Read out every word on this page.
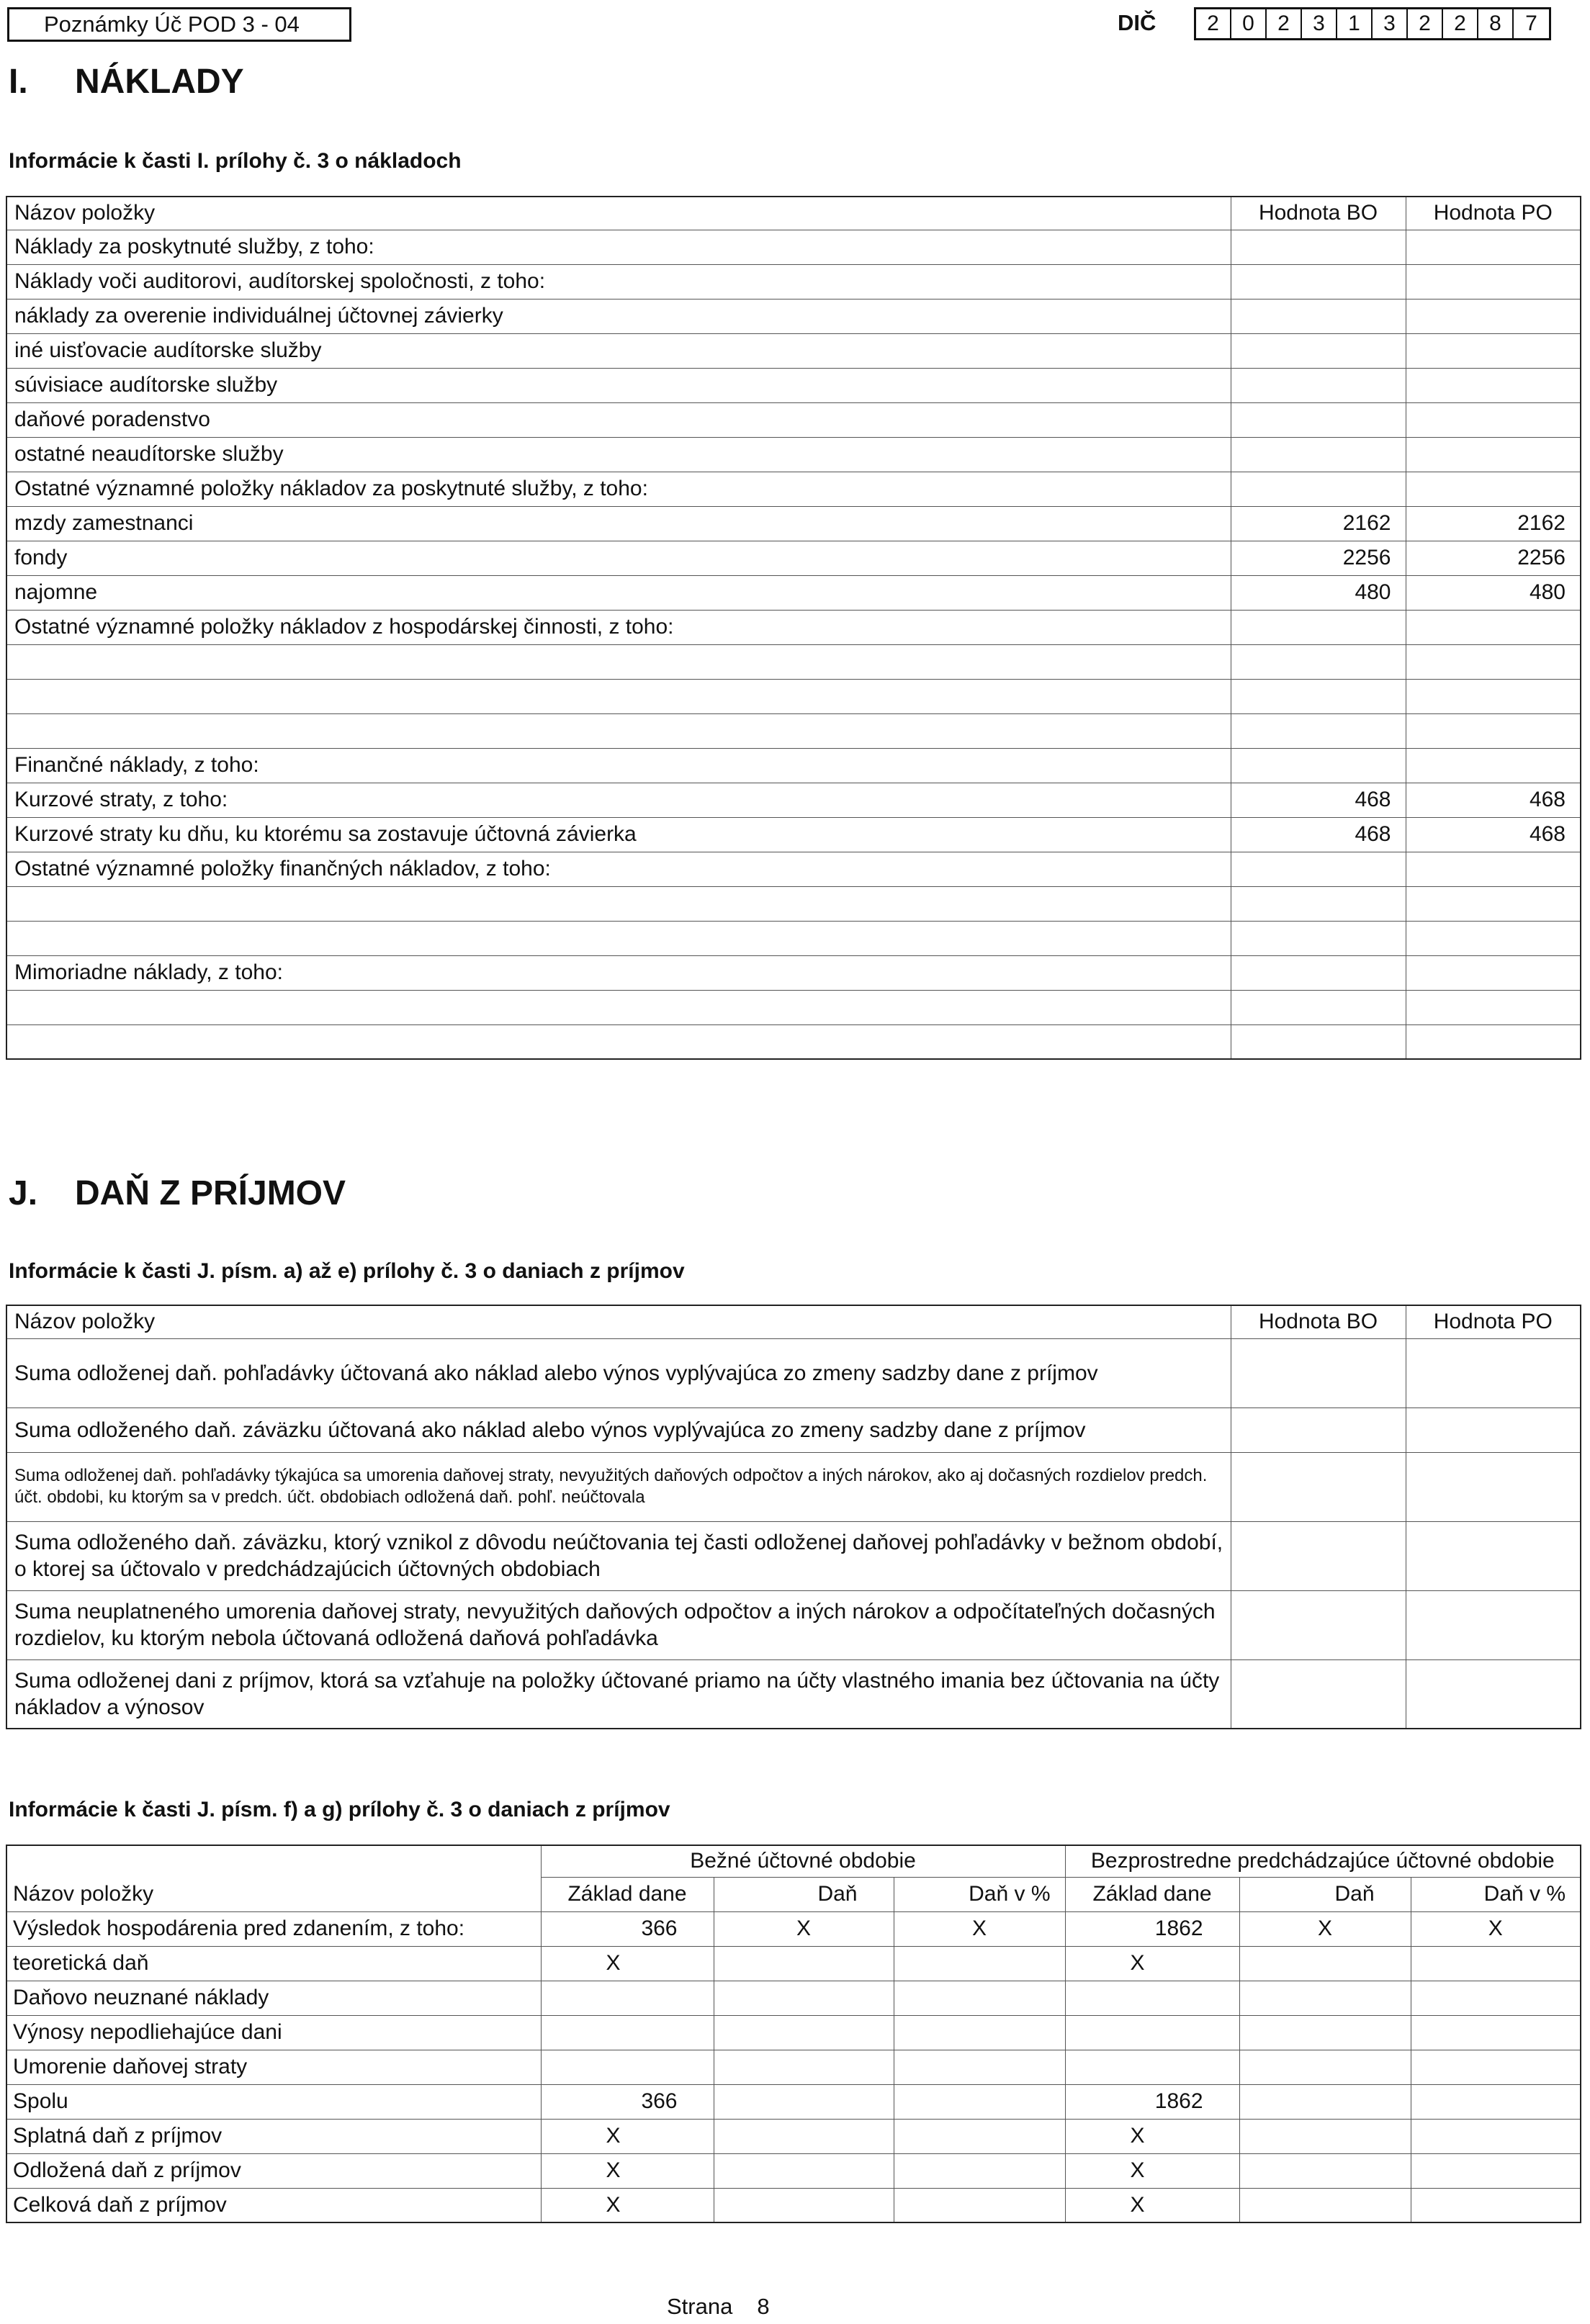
Poznámky Úč POD 3 - 04	DIČ	2	0	2	3	1	3	2	2	8	7
I. NÁKLADY
Informácie k časti I. prílohy č. 3 o nákladoch
Názov položky	Hodnota BO	Hodnota PO
Náklady za poskytnuté služby, z toho:		
Náklady voči auditorovi, audítorskej spoločnosti, z toho:		
náklady za overenie individuálnej účtovnej závierky		
iné uisťovacie audítorske služby		
súvisiace audítorske služby		
daňové poradenstvo		
ostatné neaudítorske služby		
Ostatné významné položky nákladov za poskytnuté služby, z toho:		
mzdy zamestnanci	2162	2162
fondy	2256	2256
najomne	480	480
Ostatné významné položky nákladov z hospodárskej činnosti, z toho:		

Finančné náklady, z toho:		
Kurzové straty, z toho:	468	468
Kurzové straty ku dňu, ku ktorému sa zostavuje účtovná závierka	468	468
Ostatné významné položky finančných nákladov, z toho:		

Mimoriadne náklady, z toho:		

J. DAŇ Z PRÍJMOV
Informácie k časti J. písm. a) až e) prílohy č. 3 o daniach z príjmov
Názov položky	Hodnota BO	Hodnota PO
Suma odloženej daň. pohľadávky účtovaná ako náklad alebo výnos vyplývajúca zo zmeny sadzby dane z príjmov		
Suma odloženého daň. záväzku účtovaná ako náklad alebo výnos vyplývajúca zo zmeny sadzby dane z príjmov		
Suma odloženej daň. pohľadávky týkajúca sa umorenia daňovej straty, nevyužitých daňových odpočtov a iných nárokov, ako aj dočasných rozdielov predch. účt. obdobi, ku ktorým sa v predch. účt. obdobiach odložená daň. pohľ. neúčtovala		
Suma odloženého daň. záväzku, ktorý vznikol z dôvodu neúčtovania tej časti odloženej daňovej pohľadávky v bežnom období, o ktorej sa účtovalo v predchádzajúcich účtovných obdobiach		
Suma neuplatneného umorenia daňovej straty, nevyužitých daňových odpočtov a iných nárokov a odpočítateľných dočasných rozdielov, ku ktorým nebola účtovaná odložená daňová pohľadávka		
Suma odloženej dani z príjmov, ktorá sa vzťahuje na položky účtované priamo na účty vlastného imania bez účtovania na účty nákladov a výnosov		
Informácie k časti J. písm. f) a g) prílohy č. 3 o daniach z príjmov
	Bežné účtovné obdobie			Bezprostredne predchádzajúce účtovné obdobie		
Názov položky	Základ dane	Daň	Daň v %	Základ dane	Daň	Daň v %
Výsledok hospodárenia pred zdanením, z toho:	366	X	X	1862	X	X
teoretická daň	X			X		
Daňovo neuznané náklady						
Výnosy nepodliehajúce dani						
Umorenie daňovej straty						
Spolu	366			1862		
Splatná daň z príjmov	X			X		
Odložená daň z príjmov	X			X		
Celková daň z príjmov	X			X		
Strana 8
